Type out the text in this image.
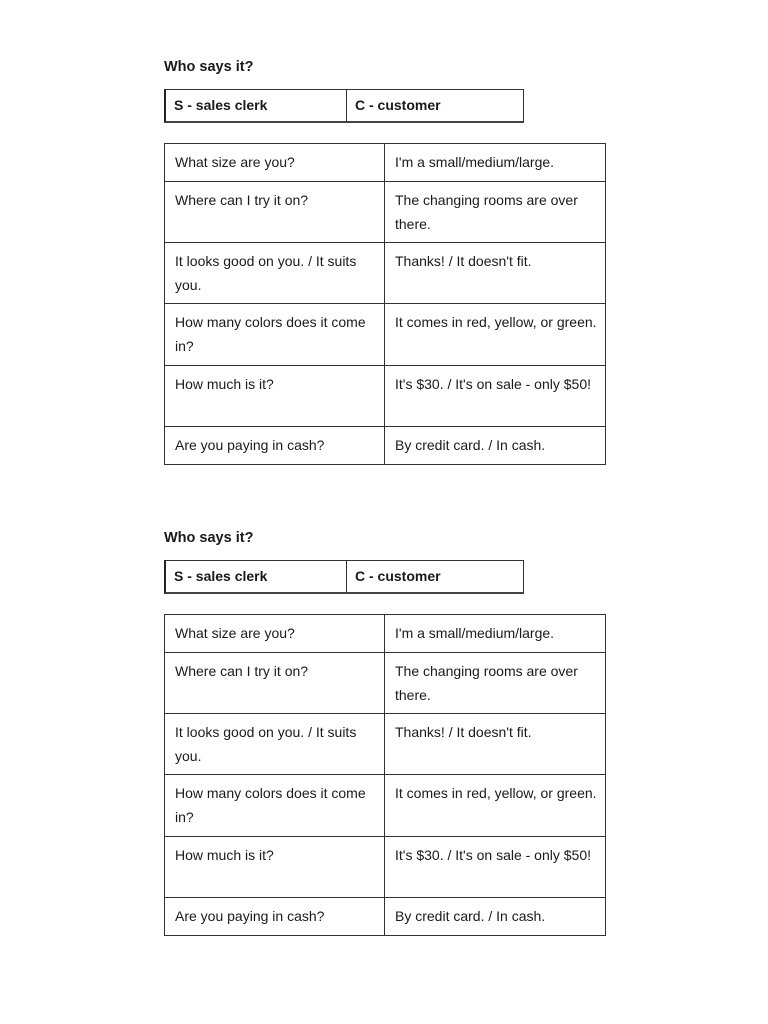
Who says it?
S - sales clerk	C - customer
What size are you?	I'm a small/medium/large.
Where can I try it on?	The changing rooms are over there.
It looks good on you. / It suits you.	Thanks! / It doesn't fit.
How many colors does it come in?	It comes in red, yellow, or green.
How much is it?	It's $30. / It's on sale - only $50!
Are you paying in cash?	By credit card. / In cash.
Who says it?
S - sales clerk	C - customer
What size are you?	I'm a small/medium/large.
Where can I try it on?	The changing rooms are over there.
It looks good on you. / It suits you.	Thanks! / It doesn't fit.
How many colors does it come in?	It comes in red, yellow, or green.
How much is it?	It's $30. / It's on sale - only $50!
Are you paying in cash?	By credit card. / In cash.
